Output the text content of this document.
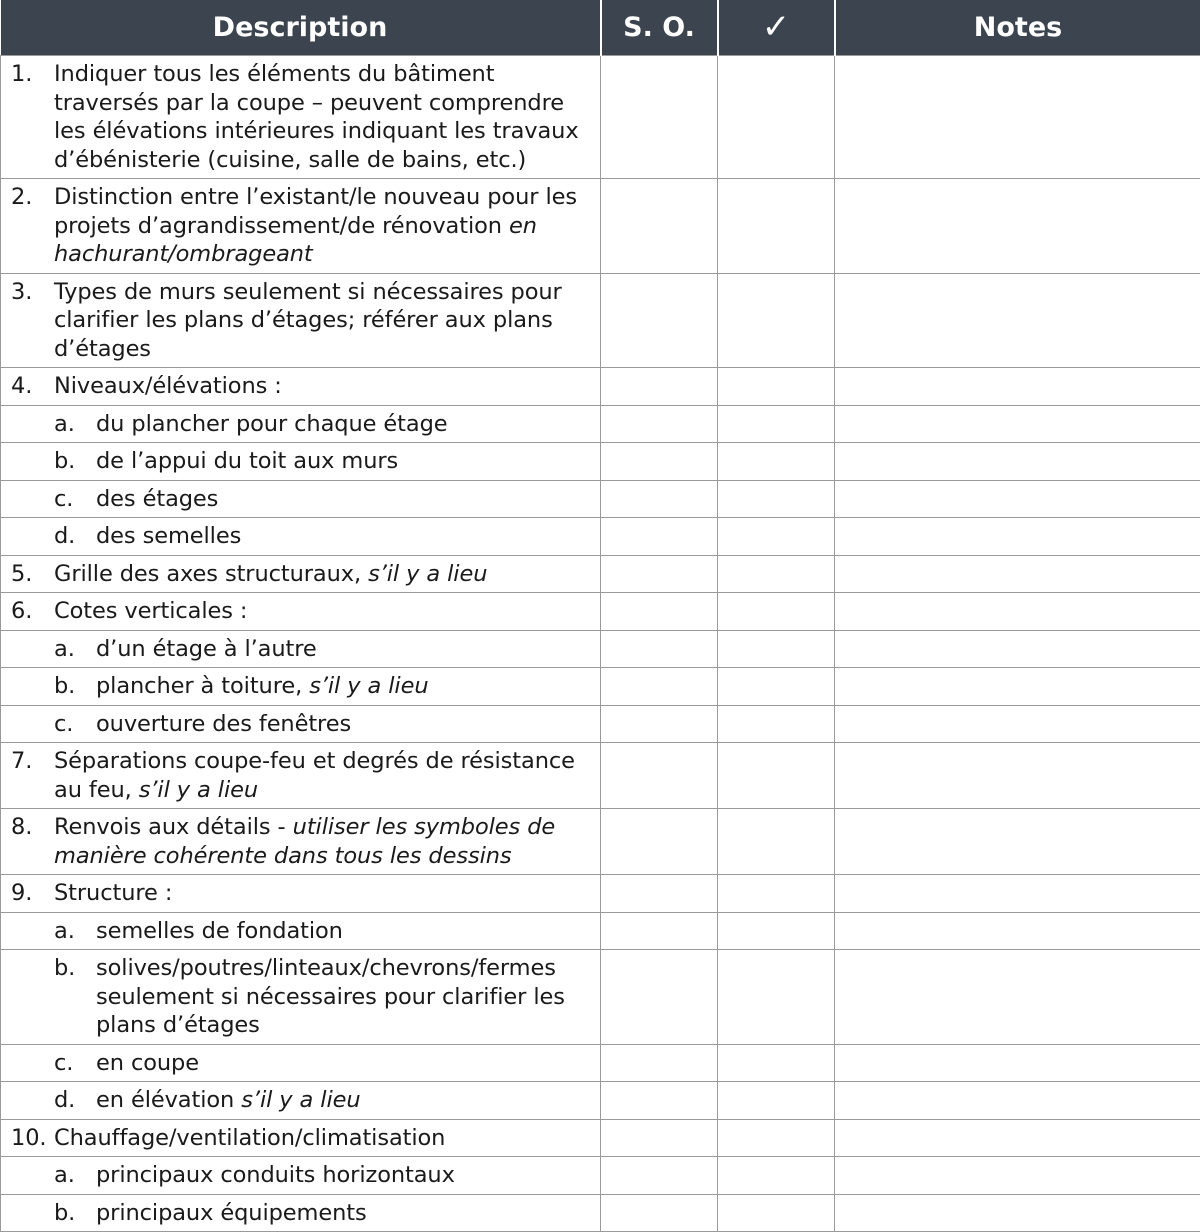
Description	S. O.	✓	Notes

1. Indiquer tous les éléments du bâtiment traversés par la coupe – peuvent comprendre les élévations intérieures indiquant les travaux d’ébénisterie (cuisine, salle de bains, etc.)			

2. Distinction entre l’existant/le nouveau pour les projets d’agrandissement/de rénovation en hachurant/ombrageant			

3. Types de murs seulement si nécessaires pour clarifier les plans d’étages; référer aux plans d’étages			

4. Niveaux/élévations :			

a. du plancher pour chaque étage			

b. de l’appui du toit aux murs			

c. des étages			

d. des semelles			

5. Grille des axes structuraux, s’il y a lieu			

6. Cotes verticales :			

a. d’un étage à l’autre			

b. plancher à toiture, s’il y a lieu			

c. ouverture des fenêtres			

7. Séparations coupe-feu et degrés de résistance au feu, s’il y a lieu			

8. Renvois aux détails - utiliser les symboles de manière cohérente dans tous les dessins			

9. Structure :			

a. semelles de fondation			

b. solives/poutres/linteaux/chevrons/fermes seulement si nécessaires pour clarifier les plans d’étages			

c. en coupe			

d. en élévation s’il y a lieu			

10. Chauffage/ventilation/climatisation			

a. principaux conduits horizontaux			

b. principaux équipements			
